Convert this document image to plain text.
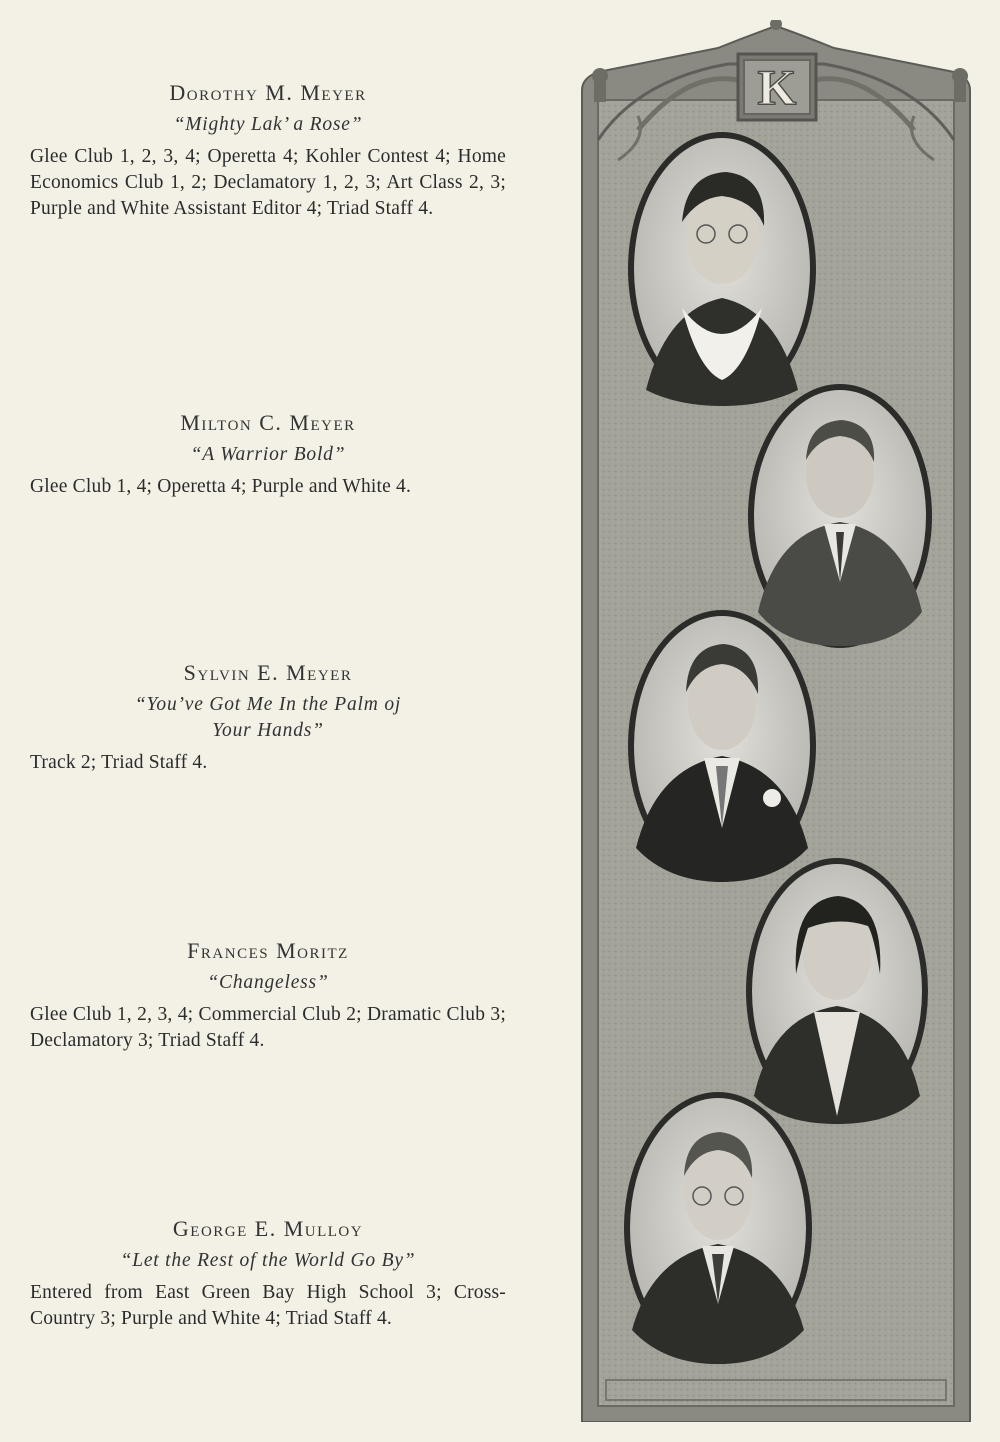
Dorothy M. Meyer

“Mighty Lak’ a Rose”

Glee Club 1, 2, 3, 4; Operetta 4; Kohler Contest 4; Home Economics Club 1, 2; Declamatory 1, 2, 3; Art Class 2, 3; Purple and White Assistant Editor 4; Triad Staff 4.

Milton C. Meyer

“A Warrior Bold”

Glee Club 1, 4; Operetta 4; Purple and White 4.

Sylvin E. Meyer

“You’ve Got Me In the Palm oj
Your Hands”

Track 2; Triad Staff 4.

Frances Moritz

“Changeless”

Glee Club 1, 2, 3, 4; Commercial Club 2; Dramatic Club 3; Declamatory 3; Triad Staff 4.

George E. Mulloy

“Let the Rest of the World Go By”

Entered from East Green Bay High School 3; Cross-Country 3; Purple and White 4; Triad Staff 4.

K
